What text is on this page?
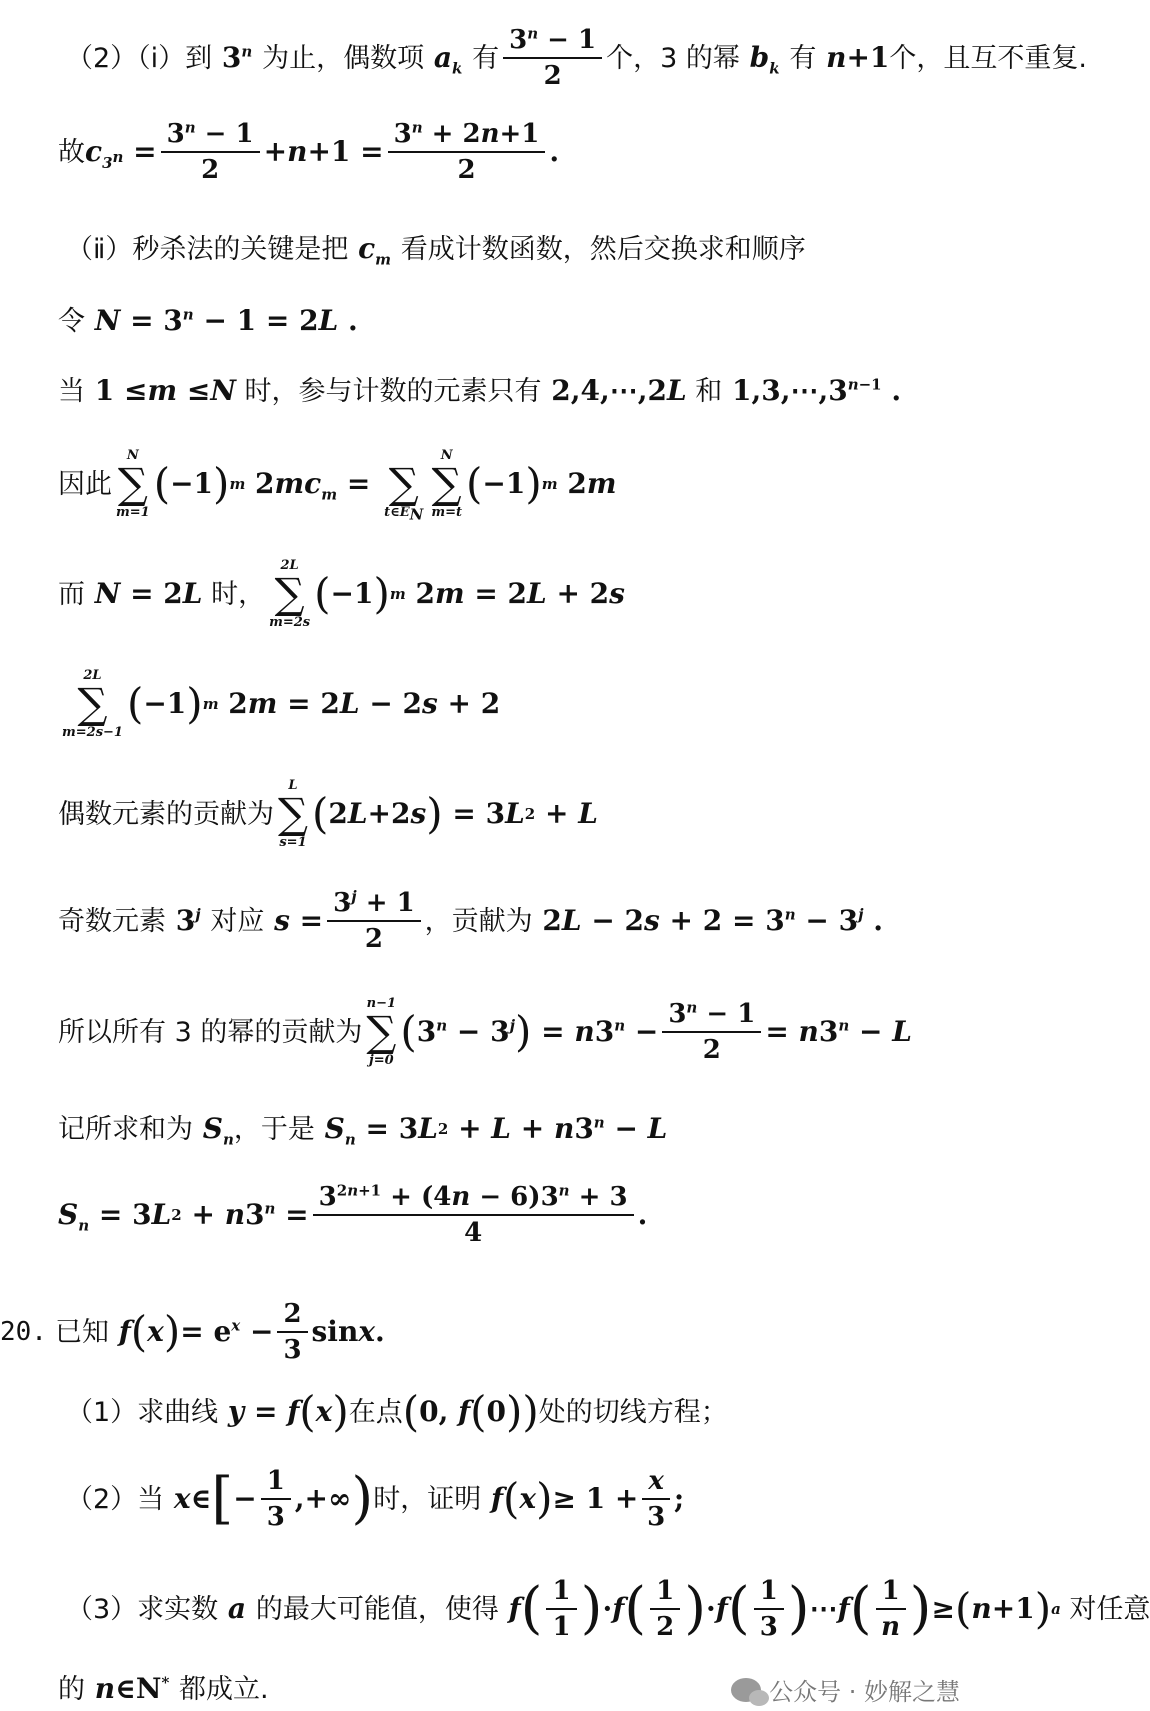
（2）（ⅰ）到 3$^n$ 为止，偶数项 $a_k$ 有 $\frac{3^n - 1}{2}$ 个，3 的幂 $b_k$ 有 n +1 个，且互不重复.
故 $c_{3^n} = \frac{3^n - 1}{2} + n +1 = \frac{3^n + 2n+1}{2}$ .
（ⅱ）秒杀法的关键是把 $c_m$ 看成计数函数，然后交换求和顺序
令 $N = 3^n - 1 = 2$ L .
当 1 ≤ m ≤ N
时，参与计数的元素只有 2,4,⋯,2 L
和 $1,3,\cdots,3^{n-1}$ .
因此
N
∑
m=1
( −1 ) m 2 $mc_m$ =
∑
$t\in E_N$
N
∑
m=t
( −1 ) m 2 m
而 N = 2 L
时，
2L
∑
m=2s
( −1 ) m 2 m = 2 L + 2 s
2L
∑
m=2s−1
( −1 ) m 2 m = 2 L − 2 s + 2
偶数元素的贡献为
L
∑
s=1
( 2 L +2 s ) = 3 L 2 + L
奇数元素 3$^j$ 对应 $s = \frac{3^j + 1}{2}$ ，贡献为 2 L − 2 $s + 2 = 3^n - 3^j$ .
所以所有 3 的幂的贡献为
n−1
∑
j=0
( $3^n - 3^j$ ) = n $3^n - \frac{3^n - 1}{2} = n$ $3^n - L$
记所求和为 $S_n$ ，于是 $S_n = 3$ L 2 + L + n $3^n - L$
$S_n = 3$ L 2 + n $3^n = \frac{3^{2n+1} + (4n - 6)3^n + 3}{4}$ .
20. 已知 f ( x ) = $e^x - \frac{2}{3}$ sin x .
（1）求曲线 y = f ( x ) 在点 ( 0, f ( 0 ) ) 处的切线方程；
（2）当 x ∈ [ − $\frac{1}{3}$ ,+∞ ) 时，证明 f ( x ) ≥ $1 + \frac{x}{3}$ ;
（3）求实数 a 的最大可能值，使得 f ( $\frac{1}{1}$ ) · f ( $\frac{1}{2}$ ) · f ( $\frac{1}{3}$ ) ⋯ f ( $\frac{1}{n}$ ) ≥ ( n +1 ) a
对任意
的 n ∈N* 都成立.	公众号 · 妙解之慧
